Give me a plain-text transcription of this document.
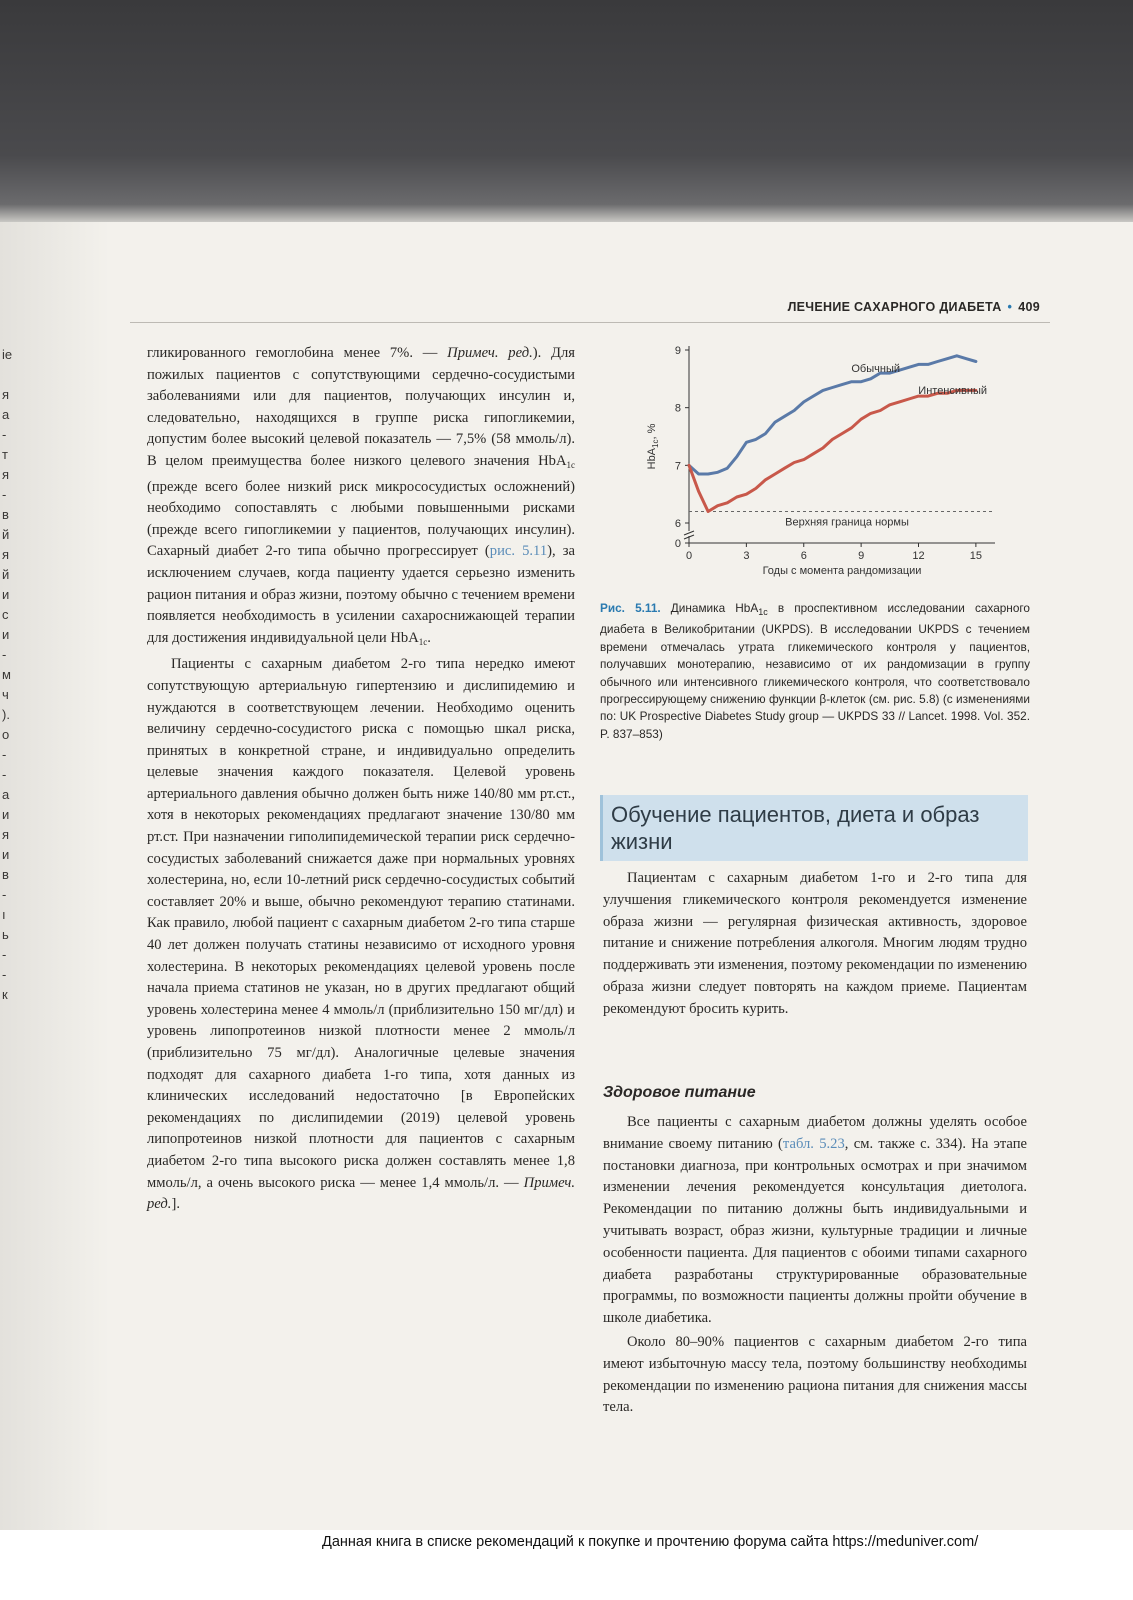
ie
я
а
-
т
я
-
в
й
я
й
и
с
и
-
м
ч
).
о
-
-
а
и
я
и
в
-
ı
ь
-
-
к
ЛЕЧЕНИЕ САХАРНОГО ДИАБЕТА • 409

гликированного гемоглобина менее 7%. — Примеч. ред.). Для пожилых пациентов с сопутствующими сердечно-сосудистыми заболеваниями или для пациентов, получающих инсулин и, следовательно, находящихся в группе риска гипогликемии, допустим более высокий целевой показатель — 7,5% (58 ммоль/л). В целом преимущества более низкого целевого значения HbA$_{1c}$ (прежде всего более низкий риск микрососудистых осложнений) необходимо сопоставлять с любыми повышенными рисками (прежде всего гипогликемии у пациентов, получающих инсулин). Сахарный диабет 2-го типа обычно прогрессирует (рис. 5.11), за исключением случаев, когда пациенту удается серьезно изменить рацион питания и образ жизни, поэтому обычно с течением времени появляется необходимость в усилении сахароснижающей терапии для достижения индивидуальной цели HbA$_{1c}$.

Пациенты с сахарным диабетом 2-го типа нередко имеют сопутствующую артериальную гипертензию и дислипидемию и нуждаются в соответствующем лечении. Необходимо оценить величину сердечно-сосудистого риска с помощью шкал риска, принятых в конкретной стране, и индивидуально определить целевые значения каждого показателя. Целевой уровень артериального давления обычно должен быть ниже 140/80 мм рт.ст., хотя в некоторых рекомендациях предлагают значение 130/80 мм рт.ст. При назначении гиполипидемической терапии риск сердечно-сосудистых заболеваний снижается даже при нормальных уровнях холестерина, но, если 10-летний риск сердечно-сосудистых событий составляет 20% и выше, обычно рекомендуют терапию статинами. Как правило, любой пациент с сахарным диабетом 2-го типа старше 40 лет должен получать статины независимо от исходного уровня холестерина. В некоторых рекомендациях целевой уровень после начала приема статинов не указан, но в других предлагают общий уровень холестерина менее 4 ммоль/л (приблизительно 150 мг/дл) и уровень липопротеинов низкой плотности менее 2 ммоль/л (приблизительно 75 мг/дл). Аналогичные целевые значения подходят для сахарного диабета 1-го типа, хотя данных из клинических исследований недостаточно [в Европейских рекомендациях по дислипидемии (2019) целевой уровень липопротеинов низкой плотности для пациентов с сахарным диабетом 2-го типа высокого риска должен составлять менее 1,8 ммоль/л, а очень высокого риска — менее 1,4 ммоль/л. — Примеч. ред.].

0
6
7
8
9
0	3	6	9	12	15
Годы с момента рандомизации
HbA$_{1c}$, %
Верхняя граница нормы
Обычный
Интенсивный
Рис. 5.11. Динамика HbA$_{1c}$ в проспективном исследовании сахарного диабета в Великобритании (UKPDS). В исследовании UKPDS с течением времени отмечалась утрата гликемического контроля у пациентов, получавших монотерапию, независимо от их рандомизации в группу обычного или интенсивного гликемического контроля, что соответствовало прогрессирующему снижению функции β-клеток (см. рис. 5.8) (с изменениями по: UK Prospective Diabetes Study group — UKPDS 33 // Lancet. 1998. Vol. 352. P. 837–853)
Обучение пациентов, диета и образ жизни

Пациентам с сахарным диабетом 1-го и 2-го типа для улучшения гликемического контроля рекомендуется изменение образа жизни — регулярная физическая активность, здоровое питание и снижение потребления алкоголя. Многим людям трудно поддерживать эти изменения, поэтому рекомендации по изменению образа жизни следует повторять на каждом приеме. Пациентам рекомендуют бросить курить.

Здоровое питание

Все пациенты с сахарным диабетом должны уделять особое внимание своему питанию (табл. 5.23, см. также с. 334). На этапе постановки диагноза, при контрольных осмотрах и при значимом изменении лечения рекомендуется консультация диетолога. Рекомендации по питанию должны быть индивидуальными и учитывать возраст, образ жизни, культурные традиции и личные особенности пациента. Для пациентов с обоими типами сахарного диабета разработаны структурированные образовательные программы, по возможности пациенты должны пройти обучение в школе диабетика.

Около 80–90% пациентов с сахарным диабетом 2-го типа имеют избыточную массу тела, поэтому большинству необходимы рекомендации по изменению рациона питания для снижения массы тела.

Данная книга в списке рекомендаций к покупке и прочтению форума сайта https://meduniver.com/
